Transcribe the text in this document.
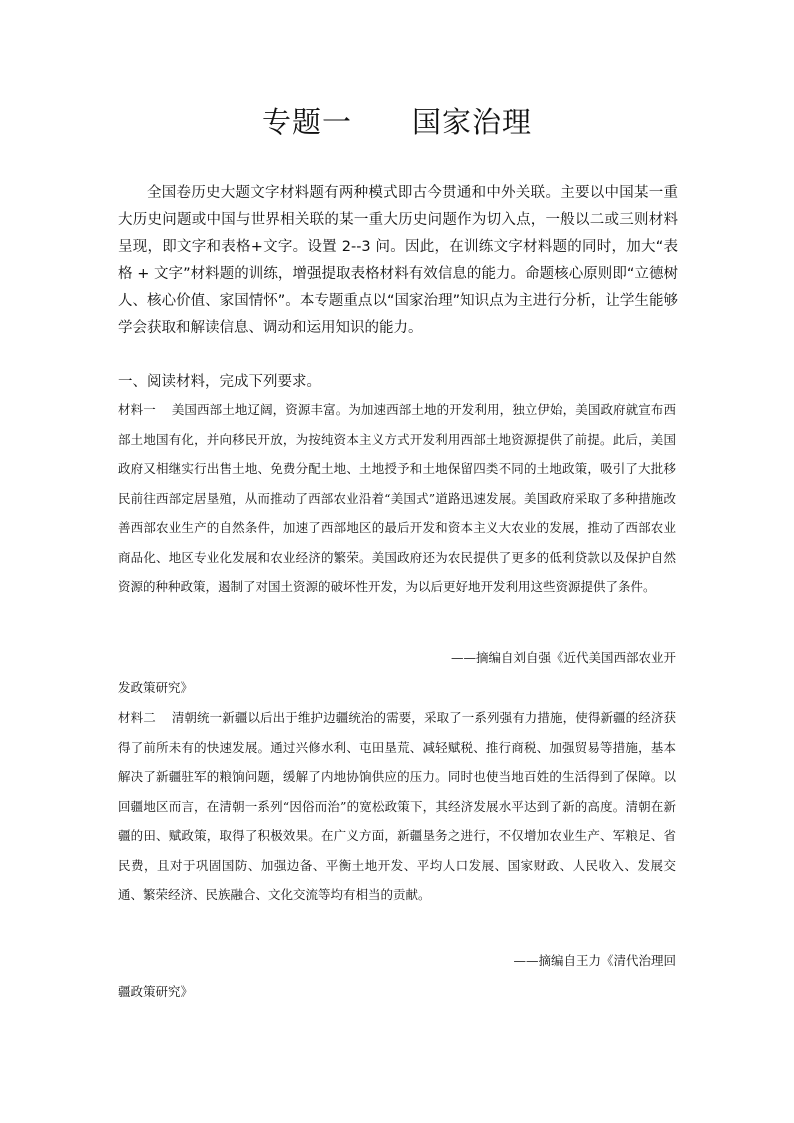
专题一　　国家治理

全国卷历史大题文字材料题有两种模式即古今贯通和中外关联。主要以中国某一重大历史问题或中国与世界相关联的某一重大历史问题作为切入点，一般以二或三则材料呈现，即文字和表格+文字。设置 2--3 问。因此，在训练文字材料题的同时，加大“表格 + 文字”材料题的训练，增强提取表格材料有效信息的能力。命题核心原则即“立德树人、核心价值、家国情怀”。本专题重点以“国家治理”知识点为主进行分析，让学生能够学会获取和解读信息、调动和运用知识的能力。

一、阅读材料，完成下列要求。

材料一 美国西部土地辽阔，资源丰富。为加速西部土地的开发利用，独立伊始，美国政府就宣布西部土地国有化，并向移民开放，为按纯资本主义方式开发利用西部土地资源提供了前提。此后，美国政府又相继实行出售土地、免费分配土地、土地授予和土地保留四类不同的土地政策，吸引了大批移民前往西部定居垦殖，从而推动了西部农业沿着“美国式”道路迅速发展。美国政府采取了多种措施改善西部农业生产的自然条件，加速了西部地区的最后开发和资本主义大农业的发展，推动了西部农业商品化、地区专业化发展和农业经济的繁荣。美国政府还为农民提供了更多的低利贷款以及保护自然资源的种种政策，遏制了对国土资源的破坏性开发，为以后更好地开发利用这些资源提供了条件。

——摘编自刘自强《近代美国西部农业开

发政策研究》

材料二 清朝统一新疆以后出于维护边疆统治的需要，采取了一系列强有力措施，使得新疆的经济获得了前所未有的快速发展。通过兴修水利、屯田垦荒、减轻赋税、推行商税、加强贸易等措施，基本解决了新疆驻军的粮饷问题，缓解了内地协饷供应的压力。同时也使当地百姓的生活得到了保障。以回疆地区而言，在清朝一系列“因俗而治”的宽松政策下，其经济发展水平达到了新的高度。清朝在新疆的田、赋政策，取得了积极效果。在广义方面，新疆垦务之进行，不仅增加农业生产、军粮足、省民费，且对于巩固国防、加强边备、平衡土地开发、平均人口发展、国家财政、人民收入、发展交通、繁荣经济、民族融合、文化交流等均有相当的贡献。

——摘编自王力《清代治理回

疆政策研究》
